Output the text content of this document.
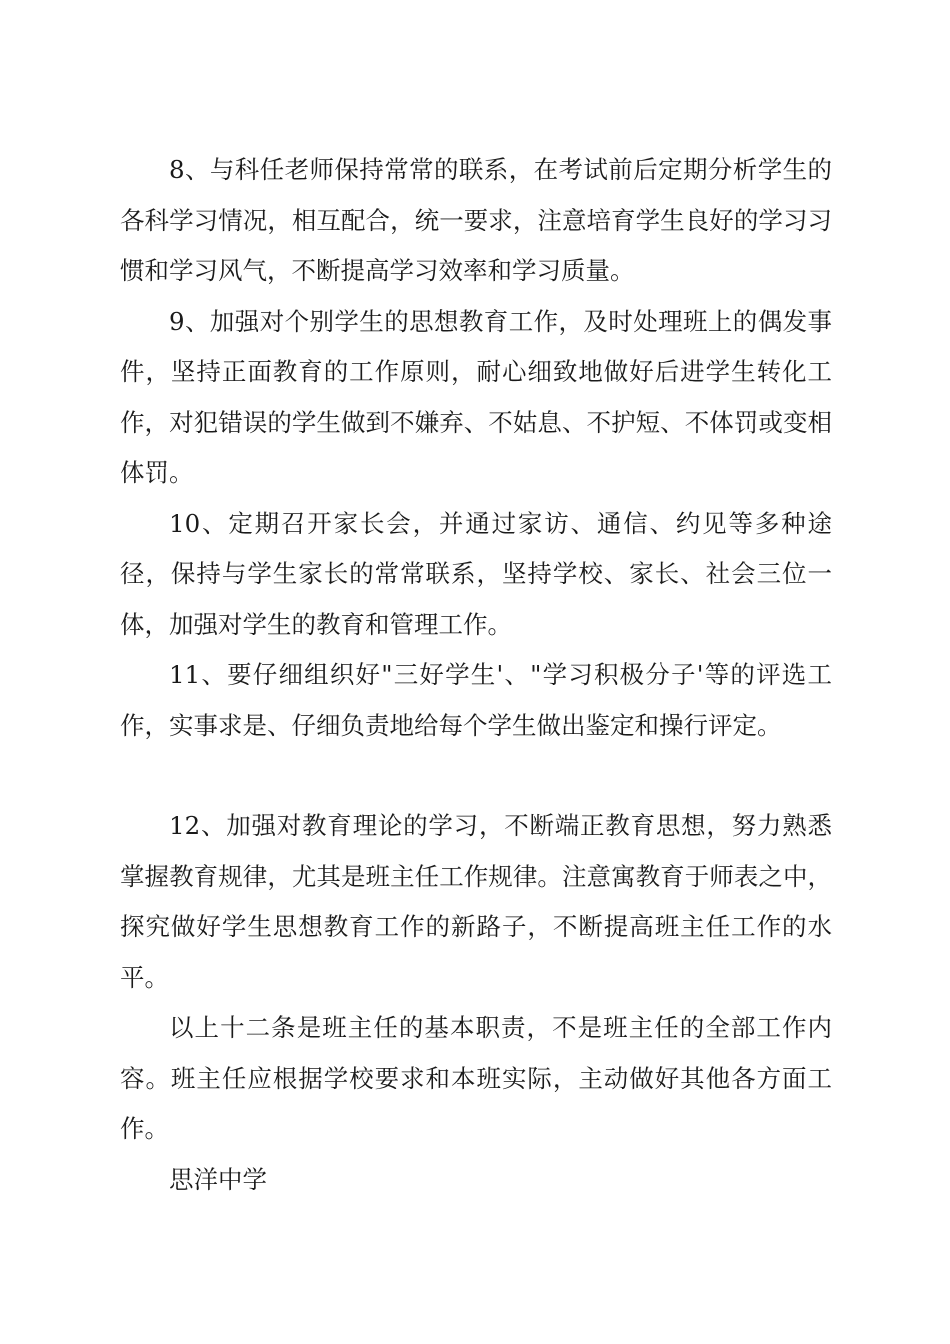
8、与科任老师保持常常的联系，在考试前后定期分析学生的各科学习情况，相互配合，统一要求，注意培育学生良好的学习习惯和学习风气，不断提高学习效率和学习质量。

9、加强对个别学生的思想教育工作，及时处理班上的偶发事件，坚持正面教育的工作原则，耐心细致地做好后进学生转化工作，对犯错误的学生做到不嫌弃、不姑息、不护短、不体罚或变相体罚。

10、定期召开家长会，并通过家访、通信、约见等多种途径，保持与学生家长的常常联系，坚持学校、家长、社会三位一体，加强对学生的教育和管理工作。

11、要仔细组织好"三好学生'、"学习积极分子'等的评选工作，实事求是、仔细负责地给每个学生做出鉴定和操行评定。

12、加强对教育理论的学习，不断端正教育思想，努力熟悉掌握教育规律，尤其是班主任工作规律。注意寓教育于师表之中，探究做好学生思想教育工作的新路子，不断提高班主任工作的水平。

以上十二条是班主任的基本职责，不是班主任的全部工作内容。班主任应根据学校要求和本班实际，主动做好其他各方面工作。

思洋中学
